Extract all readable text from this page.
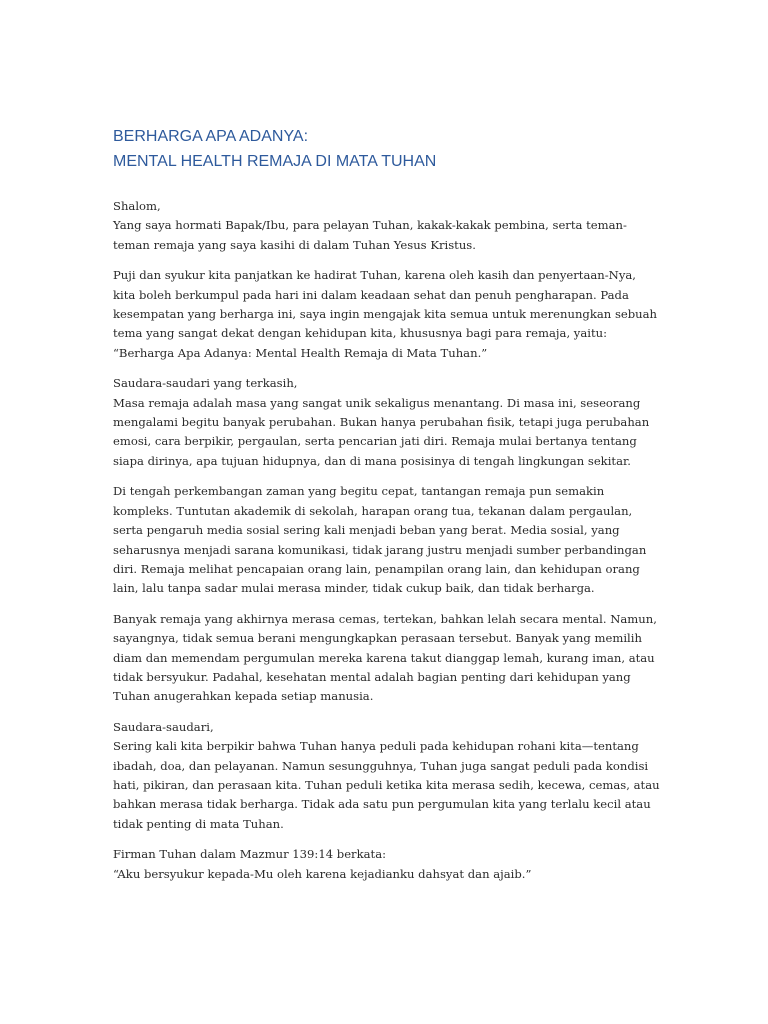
BERHARGA APA ADANYA:
MENTAL HEALTH REMAJA DI MATA TUHAN

Shalom,
Yang saya hormati Bapak/Ibu, para pelayan Tuhan, kakak-kakak pembina, serta teman-
teman remaja yang saya kasihi di dalam Tuhan Yesus Kristus.

Puji dan syukur kita panjatkan ke hadirat Tuhan, karena oleh kasih dan penyertaan-Nya,
kita boleh berkumpul pada hari ini dalam keadaan sehat dan penuh pengharapan. Pada
kesempatan yang berharga ini, saya ingin mengajak kita semua untuk merenungkan sebuah
tema yang sangat dekat dengan kehidupan kita, khususnya bagi para remaja, yaitu:
“Berharga Apa Adanya: Mental Health Remaja di Mata Tuhan.”

Saudara-saudari yang terkasih,
Masa remaja adalah masa yang sangat unik sekaligus menantang. Di masa ini, seseorang
mengalami begitu banyak perubahan. Bukan hanya perubahan fisik, tetapi juga perubahan
emosi, cara berpikir, pergaulan, serta pencarian jati diri. Remaja mulai bertanya tentang
siapa dirinya, apa tujuan hidupnya, dan di mana posisinya di tengah lingkungan sekitar.

Di tengah perkembangan zaman yang begitu cepat, tantangan remaja pun semakin
kompleks. Tuntutan akademik di sekolah, harapan orang tua, tekanan dalam pergaulan,
serta pengaruh media sosial sering kali menjadi beban yang berat. Media sosial, yang
seharusnya menjadi sarana komunikasi, tidak jarang justru menjadi sumber perbandingan
diri. Remaja melihat pencapaian orang lain, penampilan orang lain, dan kehidupan orang
lain, lalu tanpa sadar mulai merasa minder, tidak cukup baik, dan tidak berharga.

Banyak remaja yang akhirnya merasa cemas, tertekan, bahkan lelah secara mental. Namun,
sayangnya, tidak semua berani mengungkapkan perasaan tersebut. Banyak yang memilih
diam dan memendam pergumulan mereka karena takut dianggap lemah, kurang iman, atau
tidak bersyukur. Padahal, kesehatan mental adalah bagian penting dari kehidupan yang
Tuhan anugerahkan kepada setiap manusia.

Saudara-saudari,
Sering kali kita berpikir bahwa Tuhan hanya peduli pada kehidupan rohani kita—tentang
ibadah, doa, dan pelayanan. Namun sesungguhnya, Tuhan juga sangat peduli pada kondisi
hati, pikiran, dan perasaan kita. Tuhan peduli ketika kita merasa sedih, kecewa, cemas, atau
bahkan merasa tidak berharga. Tidak ada satu pun pergumulan kita yang terlalu kecil atau
tidak penting di mata Tuhan.

Firman Tuhan dalam Mazmur 139:14 berkata:
“Aku bersyukur kepada-Mu oleh karena kejadianku dahsyat dan ajaib.”
